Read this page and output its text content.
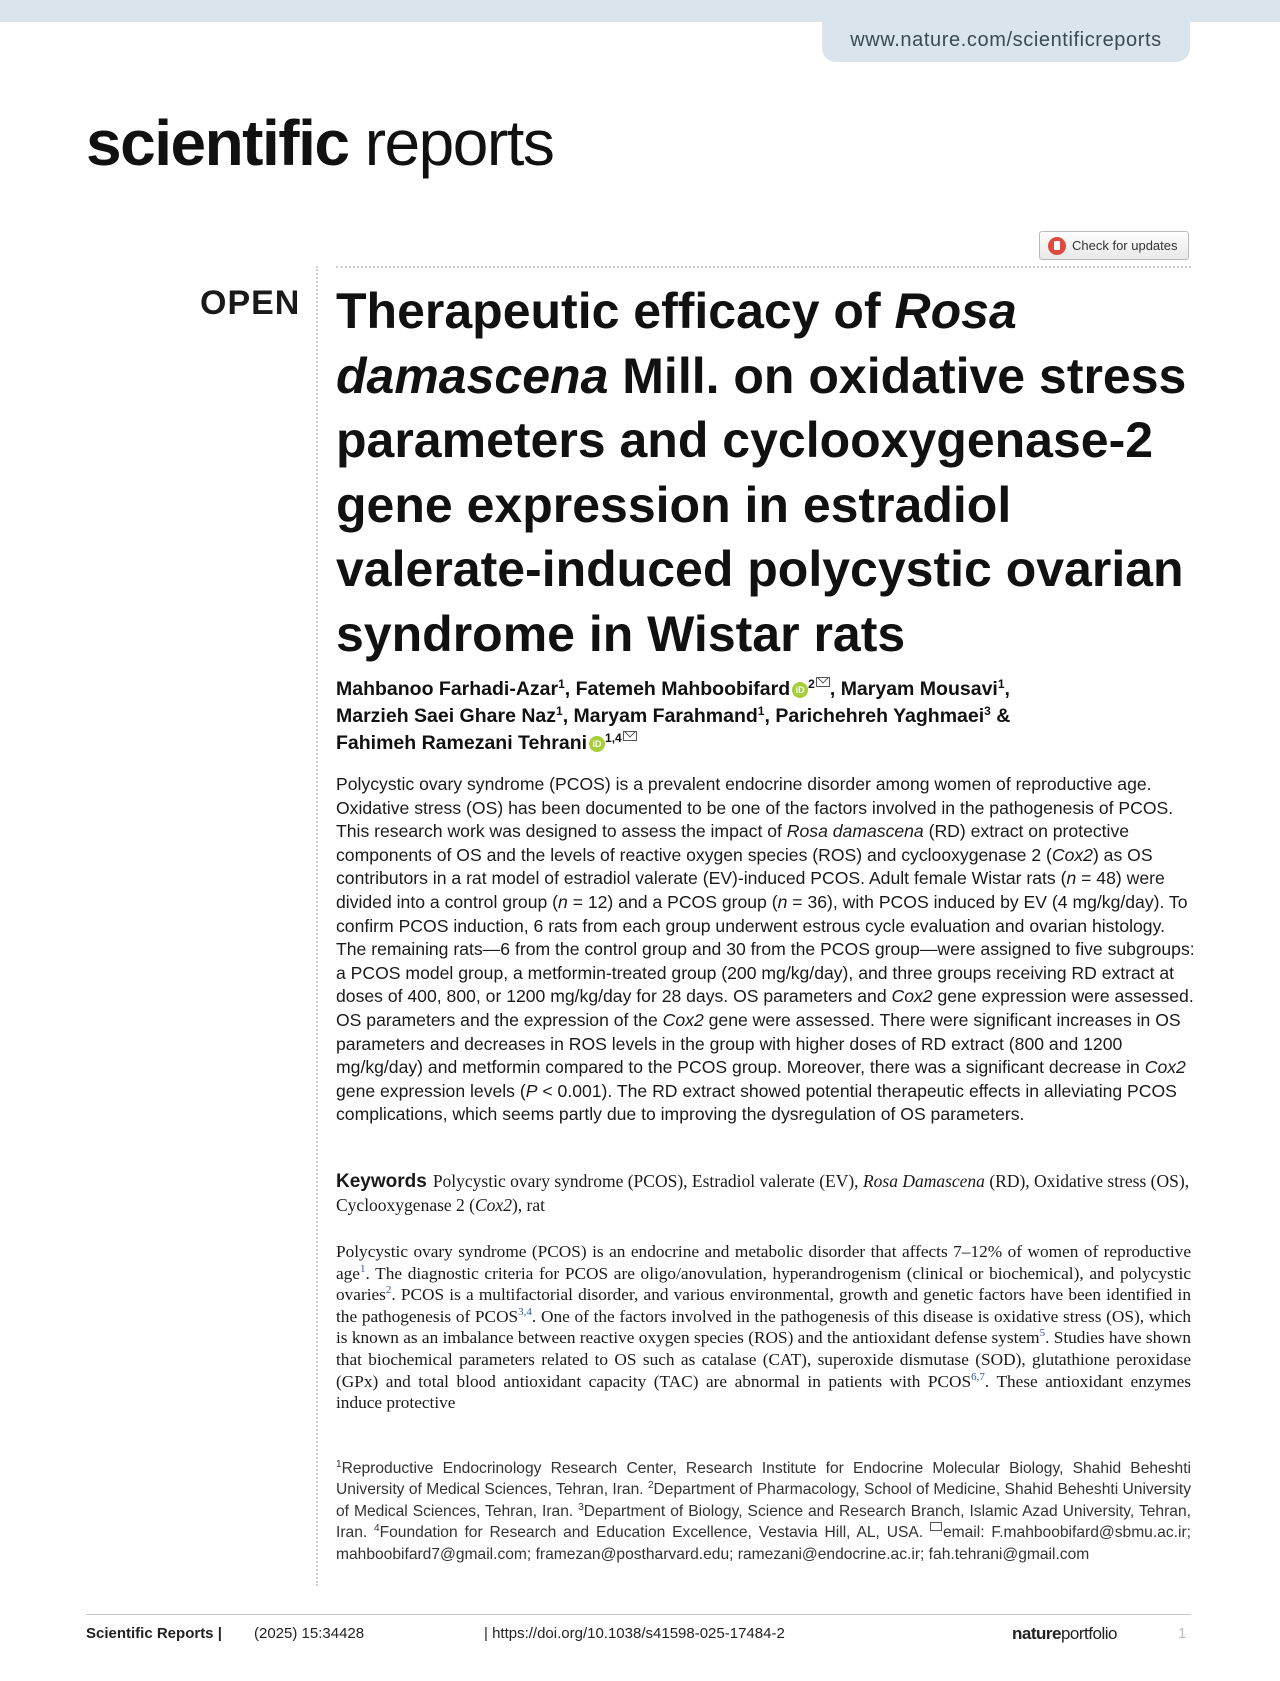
www.nature.com/scientificreports
scientific reports
Check for updates
OPEN Therapeutic efficacy of Rosa damascena Mill. on oxidative stress parameters and cyclooxygenase-2 gene expression in estradiol valerate-induced polycystic ovarian syndrome in Wistar rats
Mahbanoo Farhadi-Azar$^1$, Fatemeh Mahboobifard iD $^2$ , Maryam Mousavi$^1$,
Marzieh Saei Ghare Naz$^1$, Maryam Farahmand$^1$, Parichehreh Yaghmaei$^3$ &
Fahimeh Ramezani Tehrani iD $^{1,4}$
Polycystic ovary syndrome (PCOS) is a prevalent endocrine disorder among women of reproductive age. Oxidative stress (OS) has been documented to be one of the factors involved in the pathogenesis of PCOS. This research work was designed to assess the impact of Rosa damascena (RD) extract on protective components of OS and the levels of reactive oxygen species (ROS) and cyclooxygenase 2 (Cox2) as OS contributors in a rat model of estradiol valerate (EV)-induced PCOS. Adult female Wistar rats (n = 48) were divided into a control group (n = 12) and a PCOS group (n = 36), with PCOS induced by EV (4 mg/kg/day). To confirm PCOS induction, 6 rats from each group underwent estrous cycle evaluation and ovarian histology. The remaining rats—6 from the control group and 30 from the PCOS group—were assigned to five subgroups: a PCOS model group, a metformin-treated group (200 mg/kg/day), and three groups receiving RD extract at doses of 400, 800, or 1200 mg/kg/day for 28 days. OS parameters and Cox2 gene expression were assessed. OS parameters and the expression of the Cox2 gene were assessed. There were significant increases in OS parameters and decreases in ROS levels in the group with higher doses of RD extract (800 and 1200 mg/kg/day) and metformin compared to the PCOS group. Moreover, there was a significant decrease in Cox2 gene expression levels (P < 0.001). The RD extract showed potential therapeutic effects in alleviating PCOS complications, which seems partly due to improving the dysregulation of OS parameters.
Keywords Polycystic ovary syndrome (PCOS), Estradiol valerate (EV), Rosa Damascena (RD), Oxidative stress (OS), Cyclooxygenase 2 (Cox2), rat
Polycystic ovary syndrome (PCOS) is an endocrine and metabolic disorder that affects 7–12% of women of reproductive age$^1$. The diagnostic criteria for PCOS are oligo/anovulation, hyperandrogenism (clinical or biochemical), and polycystic ovaries$^2$. PCOS is a multifactorial disorder, and various environmental, growth and genetic factors have been identified in the pathogenesis of PCOS$^{3,4}$. One of the factors involved in the pathogenesis of this disease is oxidative stress (OS), which is known as an imbalance between reactive oxygen species (ROS) and the antioxidant defense system$^5$. Studies have shown that biochemical parameters related to OS such as catalase (CAT), superoxide dismutase (SOD), glutathione peroxidase (GPx) and total blood antioxidant capacity (TAC) are abnormal in patients with PCOS$^{6,7}$. These antioxidant enzymes induce protective
$^1$Reproductive Endocrinology Research Center, Research Institute for Endocrine Molecular Biology, Shahid Beheshti University of Medical Sciences, Tehran, Iran. $^2$Department of Pharmacology, School of Medicine, Shahid Beheshti University of Medical Sciences, Tehran, Iran. $^3$Department of Biology, Science and Research Branch, Islamic Azad University, Tehran, Iran. $^4$Foundation for Research and Education Excellence, Vestavia Hill, AL, USA. email: F.mahboobifard@sbmu.ac.ir; mahboobifard7@gmail.com; framezan@postharvard.edu; ramezani@endocrine.ac.ir; fah.tehrani@gmail.com
Scientific Reports | (2025) 15:34428	| https://doi.org/10.1038/s41598-025-17484-2	natureportfolio	1
